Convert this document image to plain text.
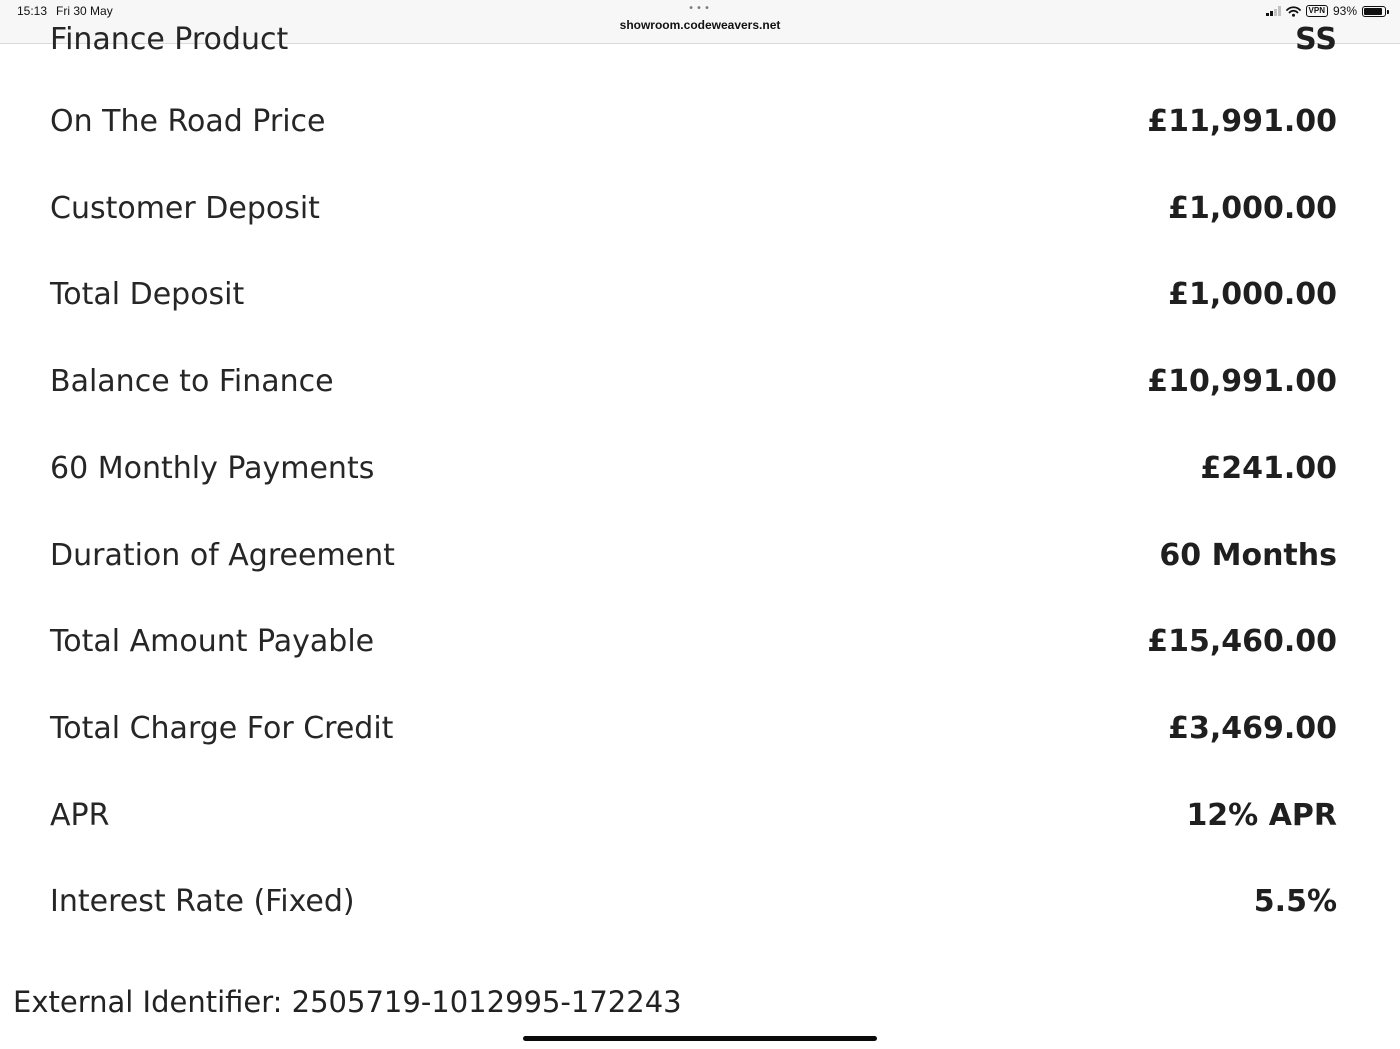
15:13 Fri 30 May	•••
showroom.codeweavers.net
VPN 93%
Finance Product	SS
On The Road Price	£11,991.00
Customer Deposit	£1,000.00
Total Deposit	£1,000.00
Balance to Finance	£10,991.00
60 Monthly Payments	£241.00
Duration of Agreement	60 Months
Total Amount Payable	£15,460.00
Total Charge For Credit	£3,469.00
APR	12% APR
Interest Rate (Fixed)	5.5%
External Identifier: 2505719-1012995-172243
